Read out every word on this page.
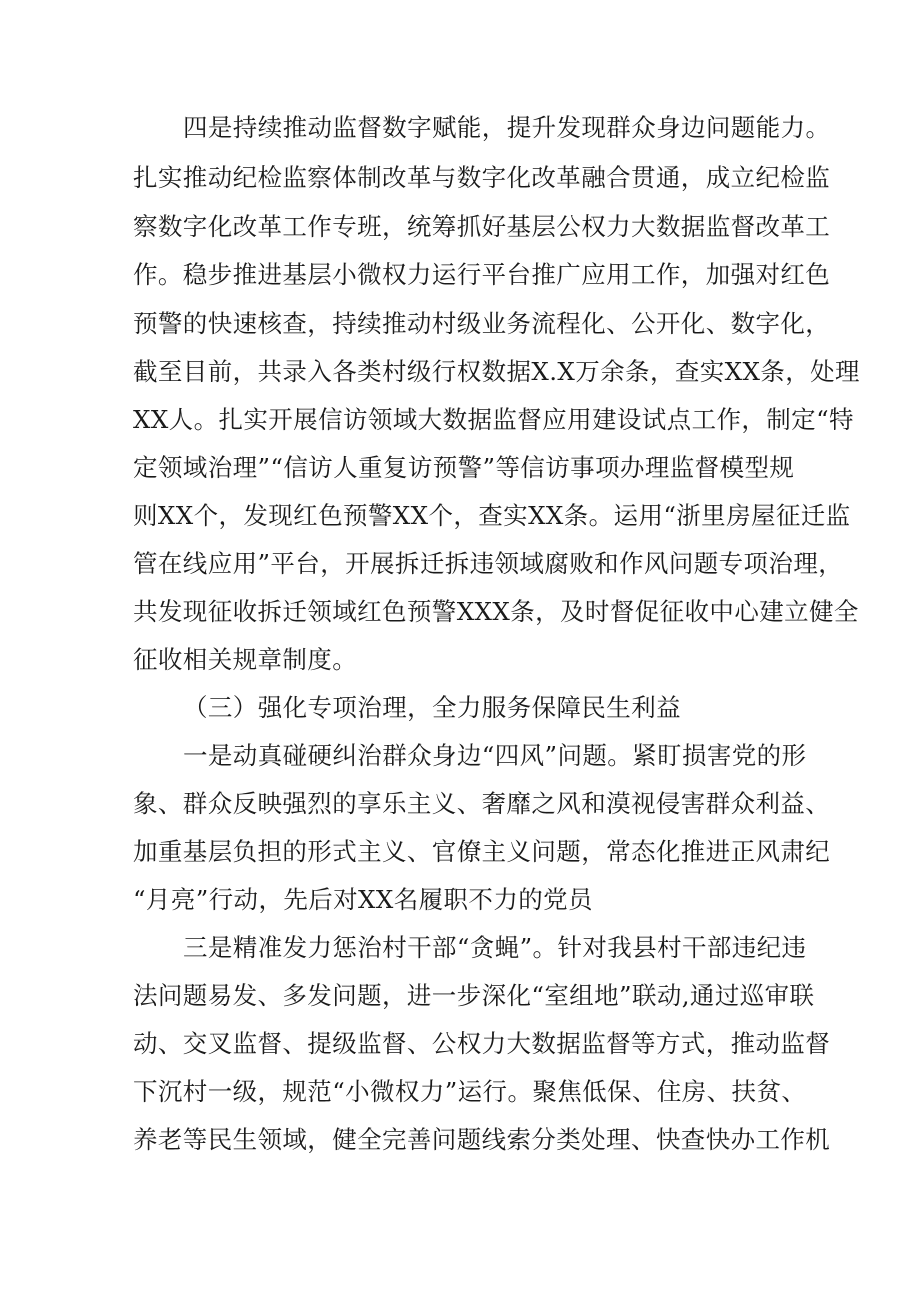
四是持续推动监督数字赋能，提升发现群众身边问题能力。
扎实推动纪检监察体制改革与数字化改革融合贯通，成立纪检监
察数字化改革工作专班，统筹抓好基层公权力大数据监督改革工
作。稳步推进基层小微权力运行平台推广应用工作，加强对红色
预警的快速核查，持续推动村级业务流程化、公开化、数字化，
截至目前，共录入各类村级行权数据X.X万余条，查实XX条，处理
XX人。扎实开展信访领域大数据监督应用建设试点工作，制定“特
定领域治理”“信访人重复访预警”等信访事项办理监督模型规
则XX个，发现红色预警XX个，查实XX条。运用“浙里房屋征迁监
管在线应用”平台，开展拆迁拆违领域腐败和作风问题专项治理，
共发现征收拆迁领域红色预警XXX条，及时督促征收中心建立健全
征收相关规章制度。
（三）强化专项治理，全力服务保障民生利益
一是动真碰硬纠治群众身边“四风”问题。紧盯损害党的形
象、群众反映强烈的享乐主义、奢靡之风和漠视侵害群众利益、
加重基层负担的形式主义、官僚主义问题，常态化推进正风肃纪
“月亮”行动，先后对XX名履职不力的党员
三是精准发力惩治村干部“贪蝇”。针对我县村干部违纪违
法问题易发、多发问题，进一步深化“室组地”联动,通过巡审联
动、交叉监督、提级监督、公权力大数据监督等方式，推动监督
下沉村一级，规范“小微权力”运行。聚焦低保、住房、扶贫、
养老等民生领域，健全完善问题线索分类处理、快查快办工作机
